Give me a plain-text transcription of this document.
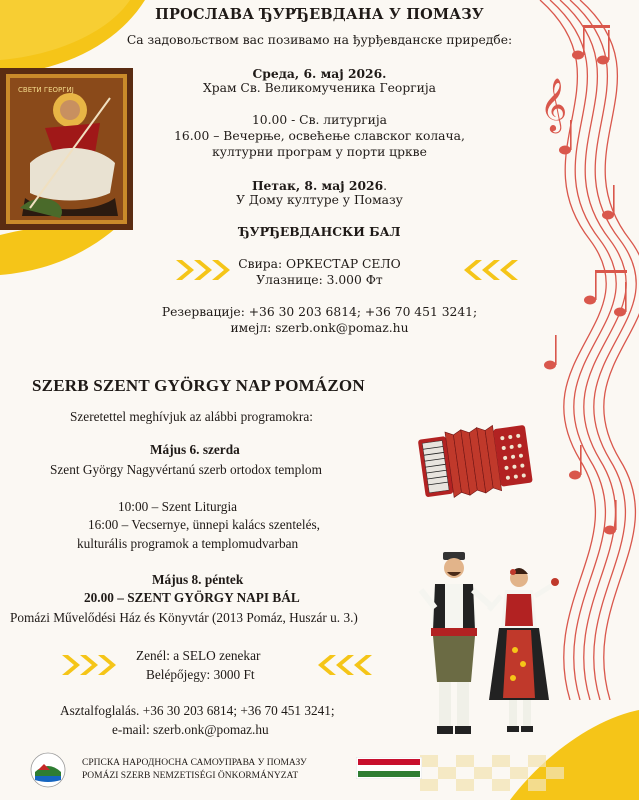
𝄞
СВЕТИ ГЕОРГИЈ
ПРОСЛАВА ЂУРЂЕВДАНА У ПОМАЗУ
Са задовољством вас позивамо на ђурђевданске приредбе:
Среда, 6. мај 2026.
Храм Св. Великомученика Георгија
10.00 - Св. литургија
16.00 – Вечерње, освећење славског колача,
културни програм у порти цркве
Петак, 8. мај 2026.
У Дому културе у Помазу
ЂУРЂЕВДАНСКИ БАЛ
Свира: ОРКЕСТАР СЕЛО
Улазнице: 3.000 Фт
Резервације: +36 30 203 6814; +36 70 451 3241;
имејл: szerb.onk@pomaz.hu
SZERB SZENT GYÖRGY NAP POMÁZON
Szeretettel meghívjuk az alábbi programokra:
Május 6. szerda
Szent György Nagyvértanú szerb ortodox templom
10:00 – Szent Liturgia
16:00 – Vecsernye, ünnepi kalács szentelés,
kulturális programok a templomudvarban
Május 8. péntek
20.00 – SZENT GYÖRGY NAPI BÁL
Pomázi Művelődési Ház és Könyvtár (2013 Pomáz, Huszár u. 3.)
Zenél: a SELO zenekar
Belépőjegy: 3000 Ft
Asztalfoglalás. +36 30 203 6814; +36 70 451 3241;
e-mail: szerb.onk@pomaz.hu
СРПСКА НАРОДНОСНА САМОУПРАВА У ПОМАЗУ
POMÁZI SZERB NEMZETISÉGI ÖNKORMÁNYZAT
